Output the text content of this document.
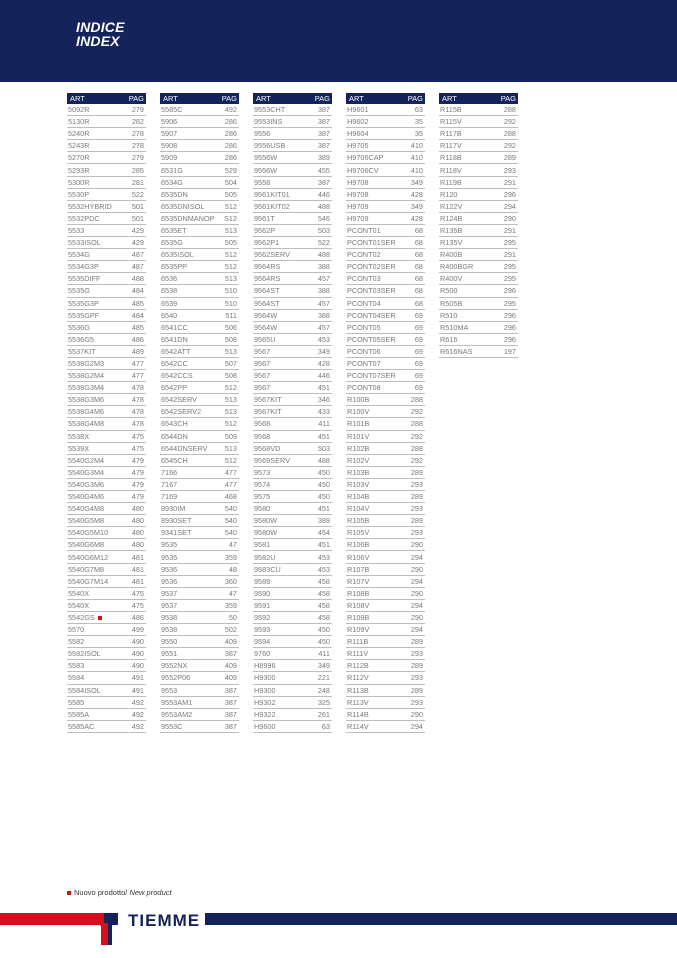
INDICE
INDEX
ART	PAG
5092R	279
5130R	282
5240R	278
5243R	278
5270R	279
5293R	285
5300R	281
5530P	522
5532HYBRID	501
5532PDC	501
5533	429
5533ISOL	429
5534G	487
5534G3P	487
5535DIFF	488
5535G	484
5535G3P	485
5535GPF	484
5536G	485
5536G5	486
5537KIT	489
5538G2M3	477
5538G2M4	477
5538G3M4	478
5538G3M6	478
5538G4M6	478
5538G4M8	478
5538X	475
5539X	475
5540G2M4	479
5540G3M4	479
5540G3M6	479
5540G4M6	479
5540G4M8	480
5540G5M8	480
5540G5M10	480
5540G6M8	480
5540G6M12	481
5540G7M8	481
5540G7M14	481
5540X	475
5540X	475
5542GS	486
5570	499
5582	490
5582ISOL	490
5583	490
5584	491
5584ISOL	491
5585	492
5585A	492
5585AC	492
ART	PAG
5585C	492
5906	286
5907	286
5908	286
5909	286
6531G	529
6534G	504
6535DN	505
6535DNISOL	512
6535DNMANOP S12
6535ET	513
6535G	505
6535ISOL	512
6535PP	512
6536	513
6538	510
6539	510
6540	511
6541CC	506
6541DN	508
6542ATT	513
6542CC	507
6542CCS	508
6542PP	512
6542SERV	513
6542SERV2	513
6543CH	512
6544DN	509
6544DNSERV 513
6545CH	512
7166	477
7167	477
7169	468
8930IM	540
8930SET	540
9341SET	540
9535	47
9535	359
9536	48
9536	360
9537	47
9537	359
9538	50
9538	502
9550	409
9551	387
9552NX	409
9552P06	409
9553	387
9553AM1	387
9553AM2	387
9553C	387
ART	PAG
9553CHT	387
9553INS	387
9556	387
9556USB	387
9556W	389
9556W	455
9558	387
9561KIT01	446
9561KIT02	488
9561T	546
9562P	503
9562P1	522
9562SERV	488
9564RS	388
9564RS	457
9564ST	388
9564ST	457
9564W	388
9564W	457
9565U	453
9567	349
9567	428
9567	446
9567	451
9567KIT	346
9567KIT	433
9568	411
9568	451
9568VD	503
9569SERV	488
9573	450
9574	450
9575	450
9580	451
9580W	389
9580W	454
9581	451
9582U	453
9583CU	453
9589	458
9590	458
9591	458
9592	458
9593	450
9594	450
9760	411
H8996	349
H9300	221
H9300	248
H9302	325
H9322	261
H9600	63
ART	PAG
H9601	63
H9602	35
H9604	35
H9705	410
H9706CAP	410
H9706CV	410
H9708	349
H9708	428
H9709	349
H9709	428
PCONT01	68
PCONT01SER	68
PCONT02	68
PCONT02SER	68
PCONT03	68
PCONT03SER	68
PCONT04	68
PCONT04SER	69
PCONT05	69
PCONT05SER	69
PCONT06	69
PCONT07	69
PCONT07SER	69
PCONT08	69
R100B	288
R100V	292
R101B	288
R101V	292
R102B	288
R102V	292
R103B	289
R103V	293
R104B	289
R104V	293
R105B	289
R105V	293
R106B	290
R106V	294
R107B	290
R107V	294
R108B	290
R108V	294
R109B	290
R109V	294
R111B	289
R111V	293
R112B	289
R112V	293
R113B	289
R113V	293
R114B	290
R114V	294
ART	PAG
R115B	288
R115V	292
R117B	288
R117V	292
R118B	289
R118V	293
R119B	291
R120	296
R122V	294
R124B	290
R135B	291
R135V	295
R400B	291
R400BGR	295
R400V	295
R500	296
R505B	295
R510	296
R510MA	296
R616	296
R616NAS	197
Nuovo prodotto/ New product
TIEMME
